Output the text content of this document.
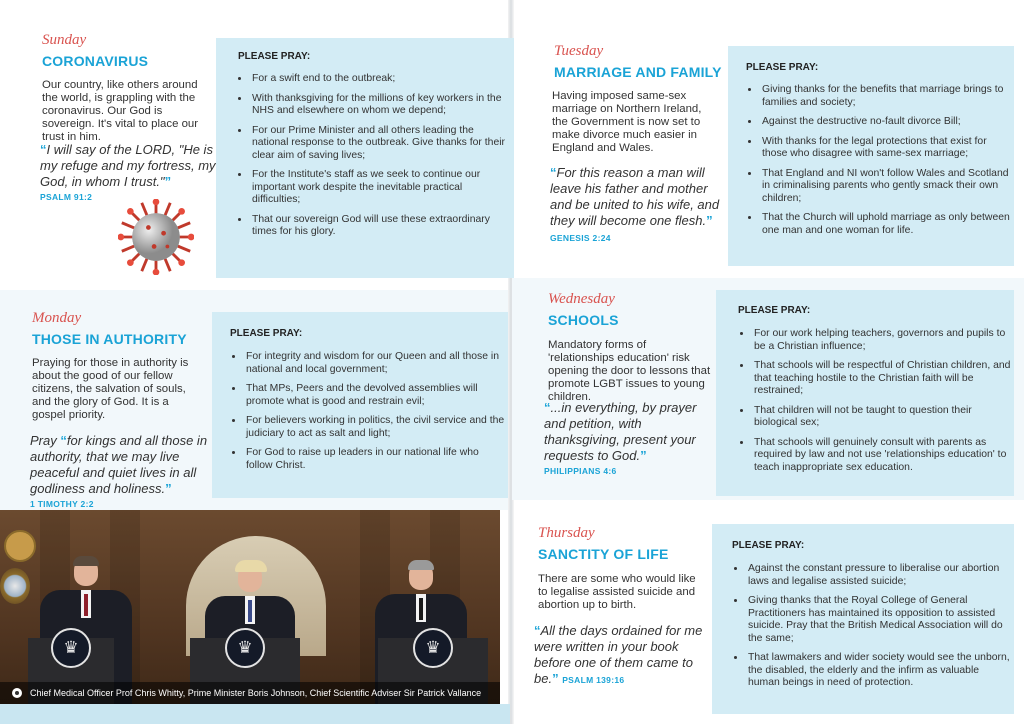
Sunday
CORONAVIRUS
Our country, like others around the world, is grappling with the coronavirus. Our God is sovereign. It's vital to place our trust in him.
“I will say of the LORD, "He is my refuge and my fortress, my God, in whom I trust."”
PSALM 91:2
PLEASE PRAY:
• For a swift end to the outbreak;
• With thanksgiving for the millions of key workers in the NHS and elsewhere on whom we depend;
• For our Prime Minister and all others leading the national response to the outbreak. Give thanks for their clear aim of saving lives;
• For the Institute's staff as we seek to continue our important work despite the inevitable practical difficulties;
• That our sovereign God will use these extraordinary times for his glory.
Monday
THOSE IN AUTHORITY
Praying for those in authority is about the good of our fellow citizens, the salvation of souls, and the glory of God. It is a gospel priority.
Pray “for kings and all those in authority, that we may live peaceful and quiet lives in all godliness and holiness.”
1 TIMOTHY 2:2
PLEASE PRAY:
• For integrity and wisdom for our Queen and all those in national and local government;
• That MPs, Peers and the devolved assemblies will promote what is good and restrain evil;
• For believers working in politics, the civil service and the judiciary to act as salt and light;
• For God to raise up leaders in our national life who follow Christ.
♛	♛	♛
Chief Medical Officer Prof Chris Whitty, Prime Minister Boris Johnson, Chief Scientific Adviser Sir Patrick Vallance
Tuesday
MARRIAGE AND FAMILY
Having imposed same-sex marriage on Northern Ireland, the Government is now set to make divorce much easier in England and Wales.
“For this reason a man will leave his father and mother and be united to his wife, and they will become one flesh.” GENESIS 2:24
PLEASE PRAY:
• Giving thanks for the benefits that marriage brings to families and society;
• Against the destructive no-fault divorce Bill;
• With thanks for the legal protections that exist for those who disagree with same-sex marriage;
• That England and NI won't follow Wales and Scotland in criminalising parents who gently smack their own children;
• That the Church will uphold marriage as only between one man and one woman for life.
Wednesday
SCHOOLS
Mandatory forms of 'relationships education' risk opening the door to lessons that promote LGBT issues to young children.
“...in everything, by prayer and petition, with thanksgiving, present your requests to God.”
PHILIPPIANS 4:6
PLEASE PRAY:
• For our work helping teachers, governors and pupils to be a Christian influence;
• That schools will be respectful of Christian children, and that teaching hostile to the Christian faith will be restrained;
• That children will not be taught to question their biological sex;
• That schools will genuinely consult with parents as required by law and not use 'relationships education' to teach inappropriate sex education.
Thursday
SANCTITY OF LIFE
There are some who would like to legalise assisted suicide and abortion up to birth.
“All the days ordained for me were written in your book before one of them came to be.” PSALM 139:16
PLEASE PRAY:
• Against the constant pressure to liberalise our abortion laws and legalise assisted suicide;
• Giving thanks that the Royal College of General Practitioners has maintained its opposition to assisted suicide. Pray that the British Medical Association will do the same;
• That lawmakers and wider society would see the unborn, the disabled, the elderly and the infirm as valuable human beings in need of protection.
